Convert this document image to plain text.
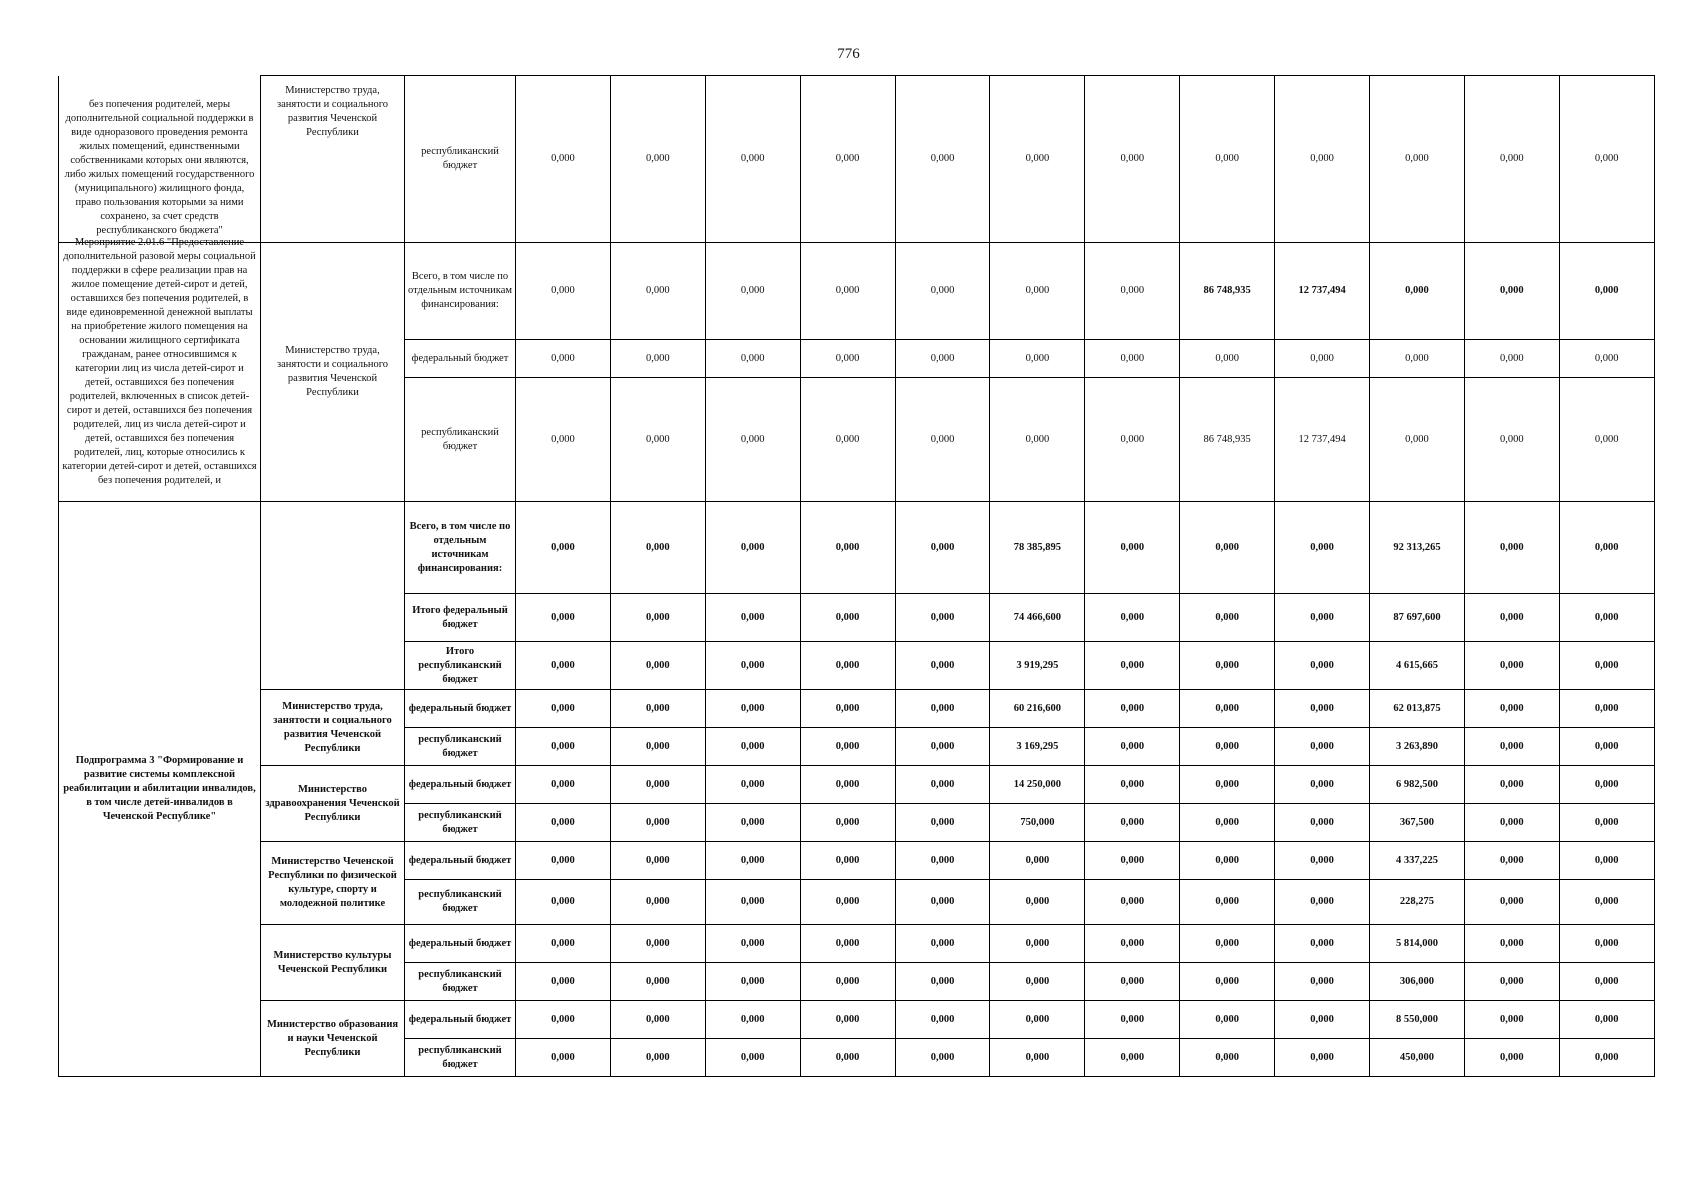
776
без попечения родителей, меры дополнительной социальной поддержки в виде одноразового проведения ремонта жилых помещений, единственными собственниками которых они являются, либо жилых помещений государственного (муниципального) жилищного фонда, право пользования которыми за ними сохранено, за счет средств республиканского бюджета"	Министерство труда, занятости и социального развития Чеченской Республики	республиканский бюджет	0,000	0,000	0,000	0,000	0,000	0,000	0,000	0,000	0,000	0,000	0,000	0,000

Мероприятие 2.01.6 "Предоставление дополнительной разовой меры социальной поддержки в сфере реализации прав на жилое помещение детей-сирот и детей, оставшихся без попечения родителей, в виде единовременной денежной выплаты на приобретение жилого помещения на основании жилищного сертификата гражданам, ранее относившимся к категории лиц из числа детей-сирот и детей, оставшихся без попечения родителей, включенных в список детей-сирот и детей, оставшихся без попечения родителей, лиц из числа детей-сирот и детей, оставшихся без попечения родителей, лиц, которые относились к категории детей-сирот и детей, оставшихся без попечения родителей, и	Министерство труда, занятости и социального развития Чеченской Республики	Всего, в том числе по отдельным источникам финансирования:	0,000	0,000	0,000	0,000	0,000	0,000	0,000	86 748,935	12 737,494	0,000	0,000	0,000
		федеральный бюджет	0,000	0,000	0,000	0,000	0,000	0,000	0,000	0,000	0,000	0,000	0,000	0,000
		республиканский бюджет	0,000	0,000	0,000	0,000	0,000	0,000	0,000	86 748,935	12 737,494	0,000	0,000	0,000
Подпрограмма 3 "Формирование и развитие системы комплексной реабилитации и абилитации инвалидов, в том числе детей-инвалидов в Чеченской Республике"		Всего, в том числе по отдельным источникам финансирования:	0,000	0,000	0,000	0,000	0,000	78 385,895	0,000	0,000	0,000	92 313,265	0,000	0,000
		Итого федеральный бюджет	0,000	0,000	0,000	0,000	0,000	74 466,600	0,000	0,000	0,000	87 697,600	0,000	0,000
		Итого республиканский бюджет	0,000	0,000	0,000	0,000	0,000	3 919,295	0,000	0,000	0,000	4 615,665	0,000	0,000
	Министерство труда, занятости и социального развития Чеченской Республики	федеральный бюджет	0,000	0,000	0,000	0,000	0,000	60 216,600	0,000	0,000	0,000	62 013,875	0,000	0,000
		республиканский бюджет	0,000	0,000	0,000	0,000	0,000	3 169,295	0,000	0,000	0,000	3 263,890	0,000	0,000
	Министерство здравоохранения Чеченской Республики	федеральный бюджет	0,000	0,000	0,000	0,000	0,000	14 250,000	0,000	0,000	0,000	6 982,500	0,000	0,000
		республиканский бюджет	0,000	0,000	0,000	0,000	0,000	750,000	0,000	0,000	0,000	367,500	0,000	0,000
	Министерство Чеченской Республики по физической культуре, спорту и молодежной политике	федеральный бюджет	0,000	0,000	0,000	0,000	0,000	0,000	0,000	0,000	0,000	4 337,225	0,000	0,000
		республиканский бюджет	0,000	0,000	0,000	0,000	0,000	0,000	0,000	0,000	0,000	228,275	0,000	0,000
	Министерство культуры Чеченской Республики	федеральный бюджет	0,000	0,000	0,000	0,000	0,000	0,000	0,000	0,000	0,000	5 814,000	0,000	0,000
		республиканский бюджет	0,000	0,000	0,000	0,000	0,000	0,000	0,000	0,000	0,000	306,000	0,000	0,000
	Министерство образования и науки Чеченской Республики	федеральный бюджет	0,000	0,000	0,000	0,000	0,000	0,000	0,000	0,000	0,000	8 550,000	0,000	0,000
		республиканский бюджет	0,000	0,000	0,000	0,000	0,000	0,000	0,000	0,000	0,000	450,000	0,000	0,000
